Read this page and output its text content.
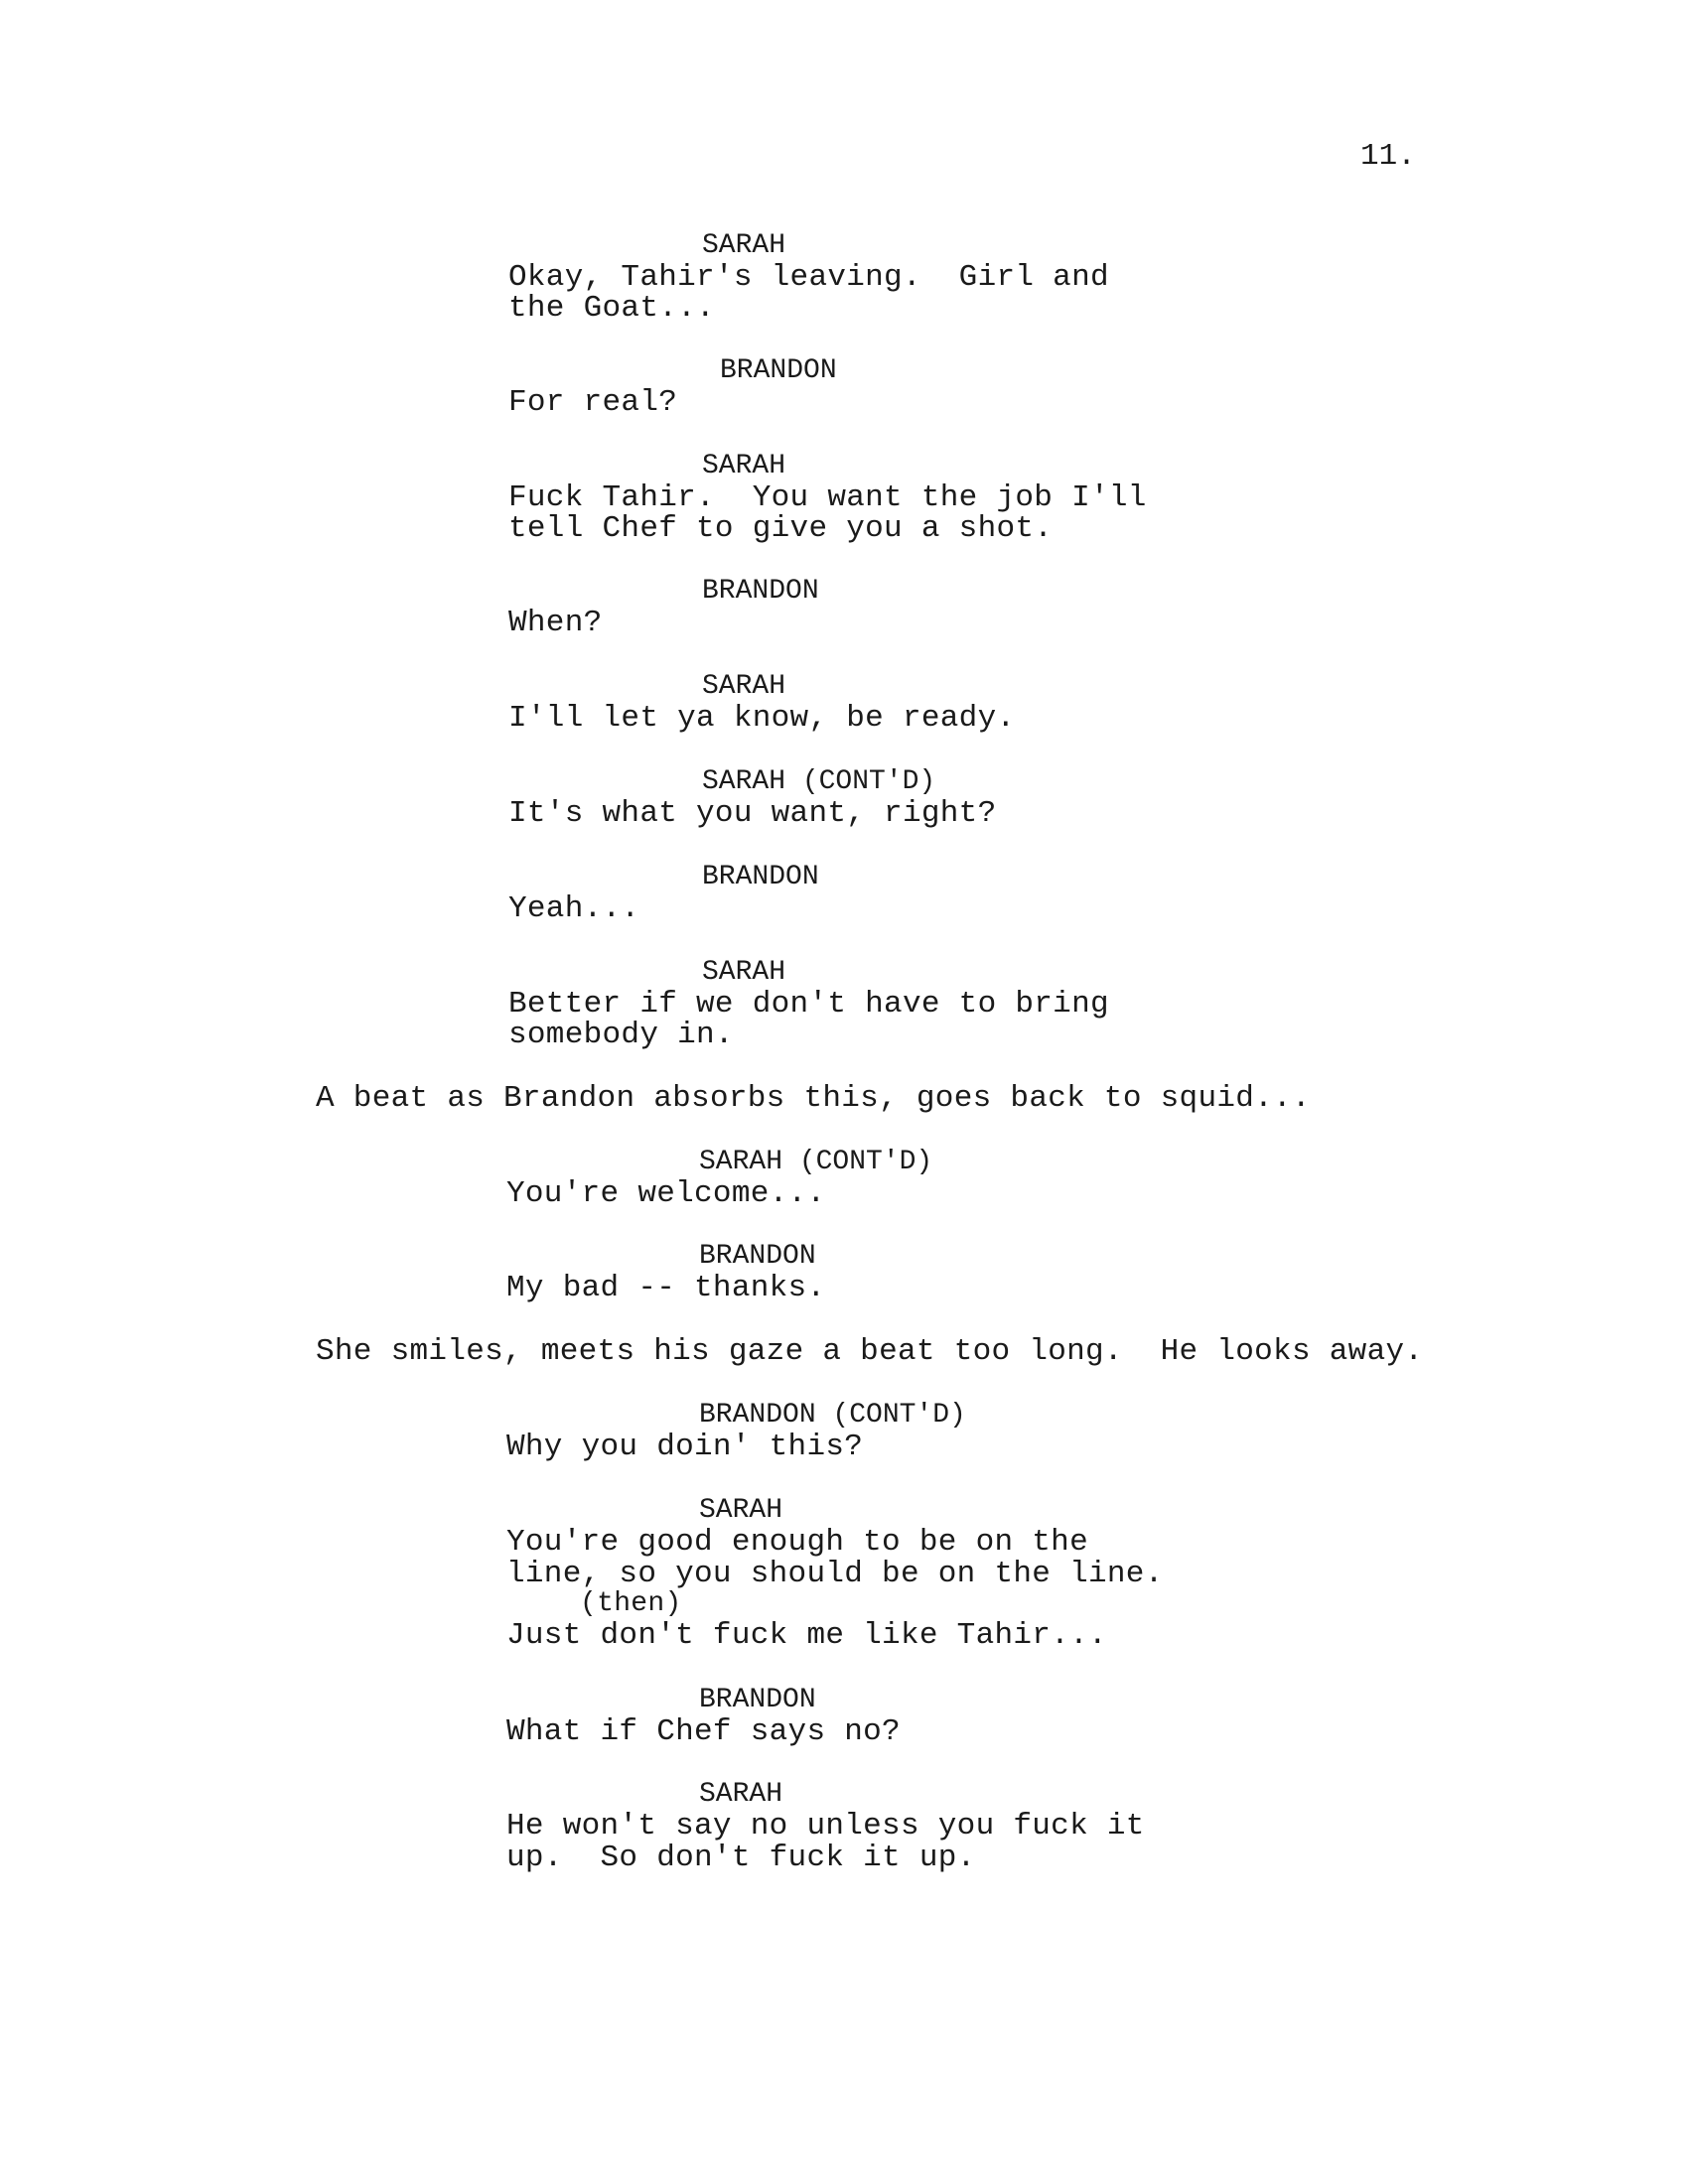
11.
SARAH
Okay, Tahir's leaving.  Girl and
the Goat...
BRANDON
For real?
SARAH
Fuck Tahir.  You want the job I'll
tell Chef to give you a shot.
BRANDON
When?
SARAH
I'll let ya know, be ready.
SARAH (CONT'D)
It's what you want, right?
BRANDON
Yeah...
SARAH
Better if we don't have to bring
somebody in.
A beat as Brandon absorbs this, goes back to squid...
SARAH (CONT'D)
You're welcome...
BRANDON
My bad -- thanks.
She smiles, meets his gaze a beat too long.  He looks away.
BRANDON (CONT'D)
Why you doin' this?
SARAH
You're good enough to be on the
line, so you should be on the line.
(then)
Just don't fuck me like Tahir...
BRANDON
What if Chef says no?
SARAH
He won't say no unless you fuck it
up.  So don't fuck it up.
